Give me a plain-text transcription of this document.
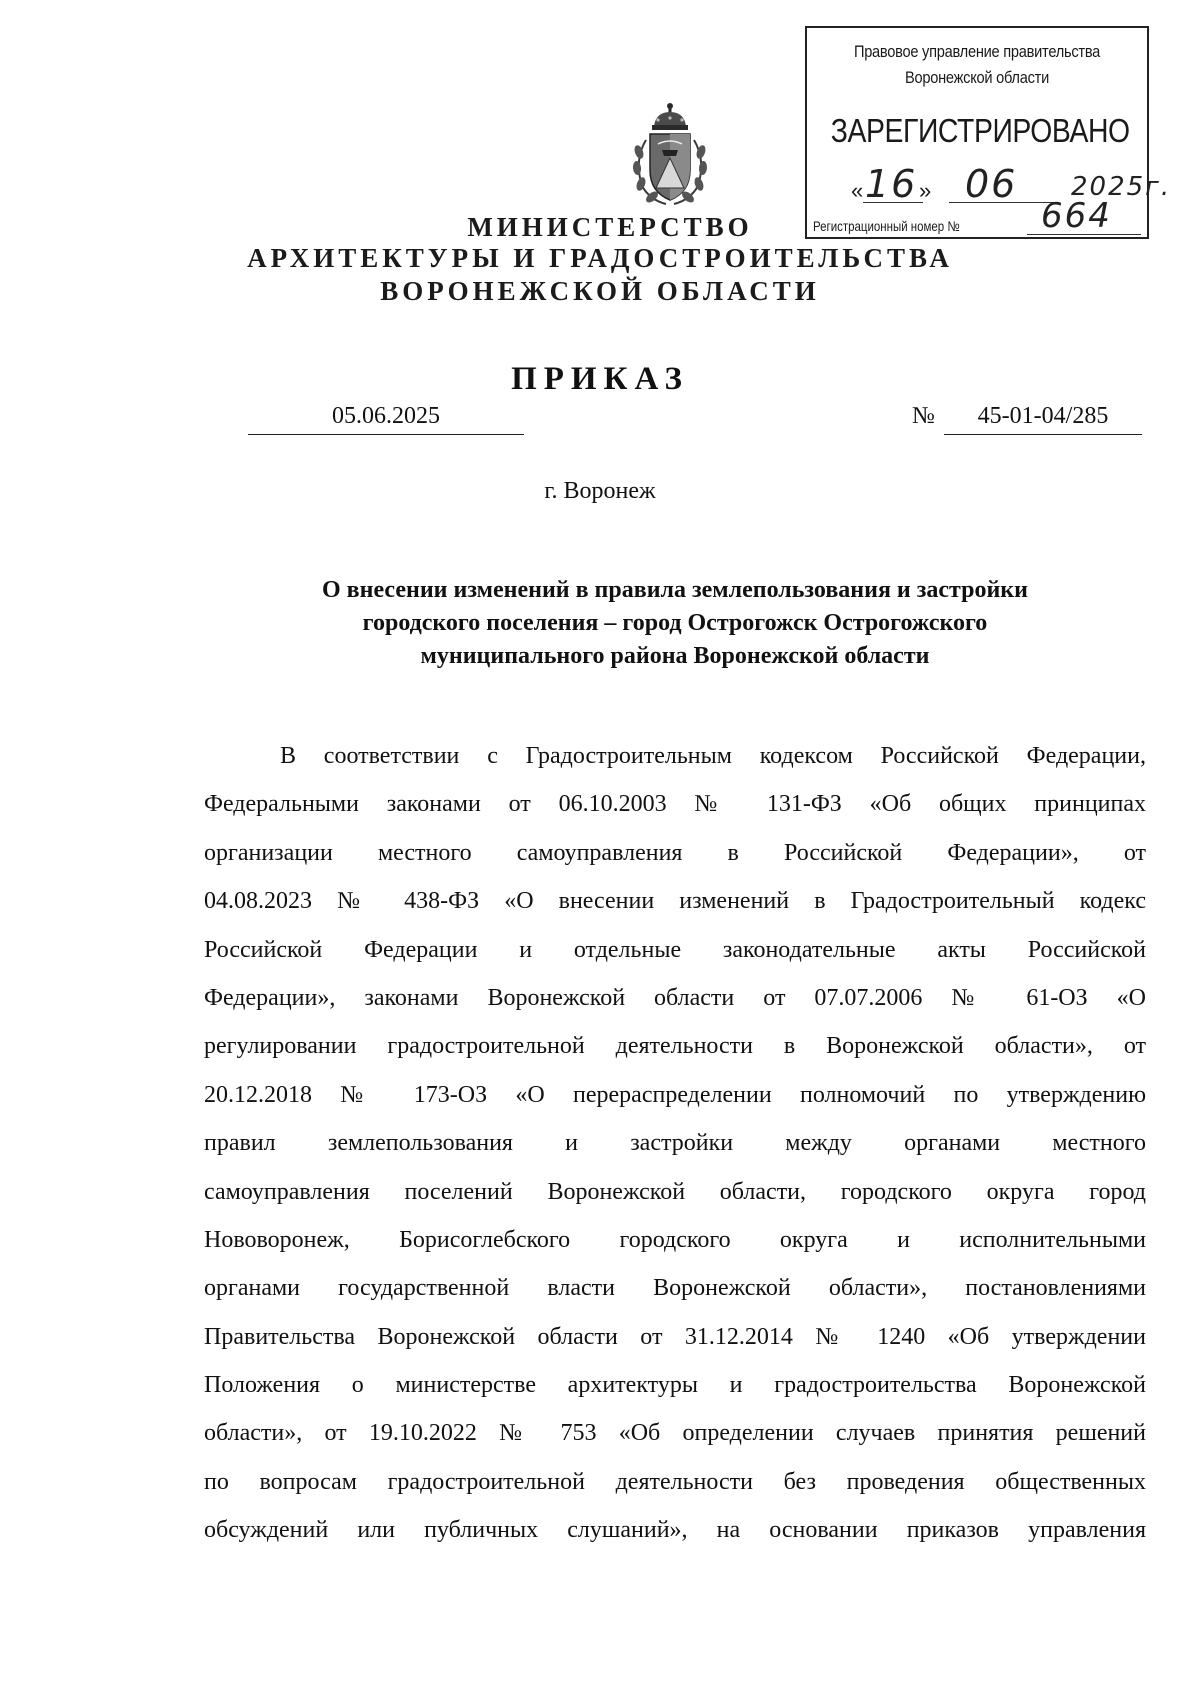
Правовое управление правительства
Воронежской области
ЗАРЕГИСТРИРОВАНО
« 16 » 06 2025г.
Регистрационный номер № 664
МИНИСТЕРСТВО
АРХИТЕКТУРЫ И ГРАДОСТРОИТЕЛЬСТВА
ВОРОНЕЖСКОЙ ОБЛАСТИ
ПРИКАЗ
05.06.2025	№	45-01-04/285
г. Воронеж
О внесении изменений в правила землепользования и застройки
городского поселения – город Острогожск Острогожского
муниципального района Воронежской области
В соответствии с Градостроительным кодексом Российской Федерации,
Федеральными законами от 06.10.2003 № 131-ФЗ «Об общих принципах
организации местного самоуправления в Российской Федерации», от
04.08.2023 № 438-ФЗ «О внесении изменений в Градостроительный кодекс
Российской Федерации и отдельные законодательные акты Российской
Федерации», законами Воронежской области от 07.07.2006 № 61-ОЗ «О
регулировании градостроительной деятельности в Воронежской области», от
20.12.2018 № 173-ОЗ «О перераспределении полномочий по утверждению
правил землепользования и застройки между органами местного
самоуправления поселений Воронежской области, городского округа город
Нововоронеж, Борисоглебского городского округа и исполнительными
органами государственной власти Воронежской области», постановлениями
Правительства Воронежской области от 31.12.2014 № 1240 «Об утверждении
Положения о министерстве архитектуры и градостроительства Воронежской
области», от 19.10.2022 № 753 «Об определении случаев принятия решений
по вопросам градостроительной деятельности без проведения общественных
обсуждений или публичных слушаний», на основании приказов управления
